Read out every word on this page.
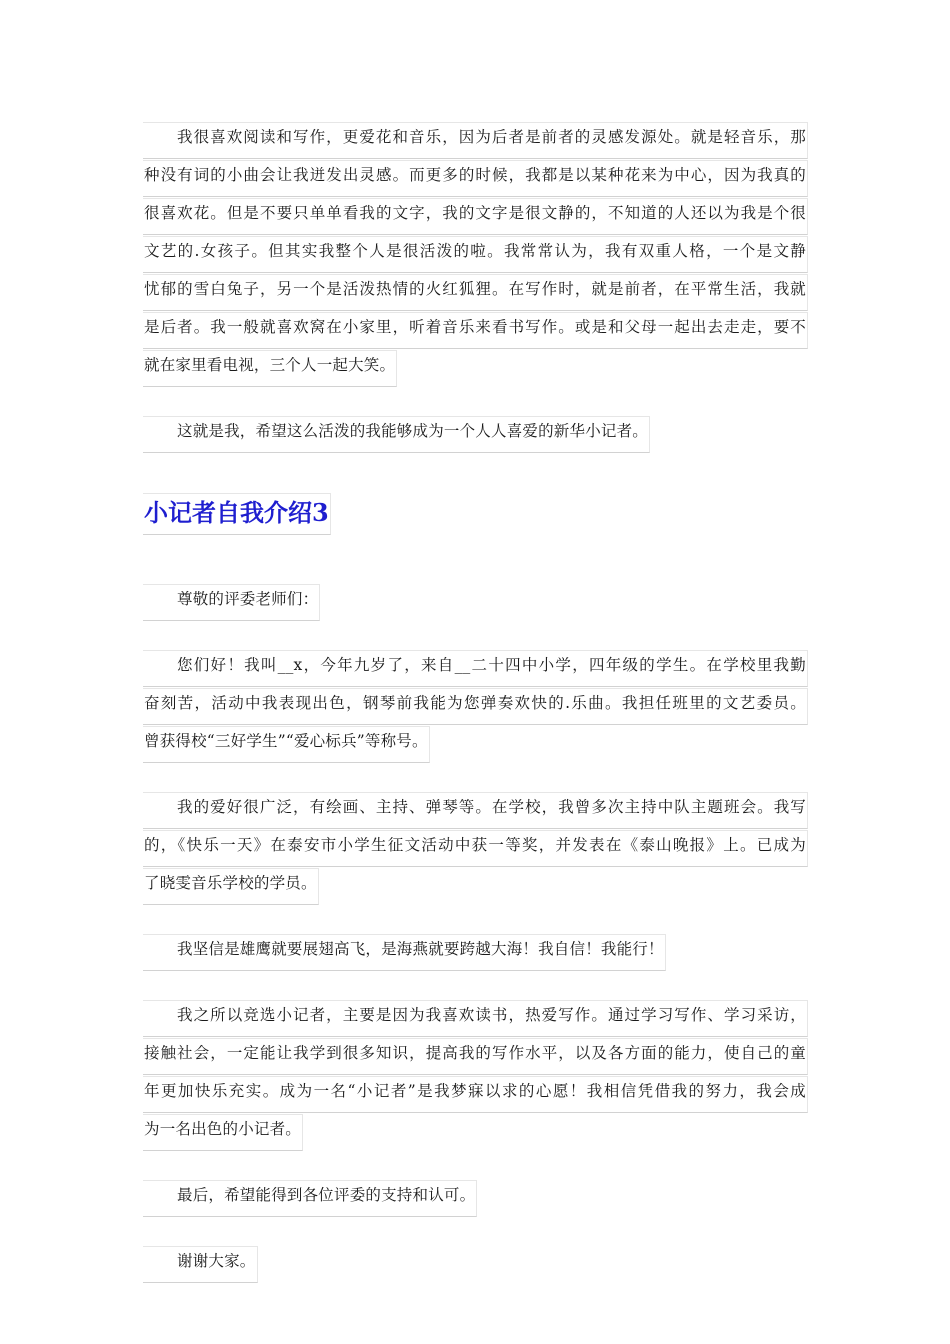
我很喜欢阅读和写作，更爱花和音乐，因为后者是前者的灵感发源处。就是轻音乐，那
种没有词的小曲会让我迸发出灵感。而更多的时候，我都是以某种花来为中心，因为我真的
很喜欢花。但是不要只单单看我的文字，我的文字是很文静的，不知道的人还以为我是个很
文艺的.女孩子。但其实我整个人是很活泼的啦。我常常认为，我有双重人格，一个是文静
忧郁的雪白兔子，另一个是活泼热情的火红狐狸。在写作时，就是前者，在平常生活，我就
是后者。我一般就喜欢窝在小家里，听着音乐来看书写作。或是和父母一起出去走走，要不
就在家里看电视，三个人一起大笑。
这就是我，希望这么活泼的我能够成为一个人人喜爱的新华小记者。
小记者自我介绍3
尊敬的评委老师们：
您们好！我叫__x，今年九岁了，来自__二十四中小学，四年级的学生。在学校里我勤
奋刻苦，活动中我表现出色，钢琴前我能为您弹奏欢快的.乐曲。我担任班里的文艺委员。
曾获得校“三好学生”“爱心标兵”等称号。
我的爱好很广泛，有绘画、主持、弹琴等。在学校，我曾多次主持中队主题班会。我写
的，《快乐一天》在泰安市小学生征文活动中获一等奖，并发表在《泰山晚报》上。已成为
了晓雯音乐学校的学员。
我坚信是雄鹰就要展翅高飞，是海燕就要跨越大海！我自信！我能行！
我之所以竞选小记者，主要是因为我喜欢读书，热爱写作。通过学习写作、学习采访，
接触社会，一定能让我学到很多知识，提高我的写作水平，以及各方面的能力，使自己的童
年更加快乐充实。成为一名“小记者”是我梦寐以求的心愿！我相信凭借我的努力，我会成
为一名出色的小记者。
最后，希望能得到各位评委的支持和认可。
谢谢大家。
